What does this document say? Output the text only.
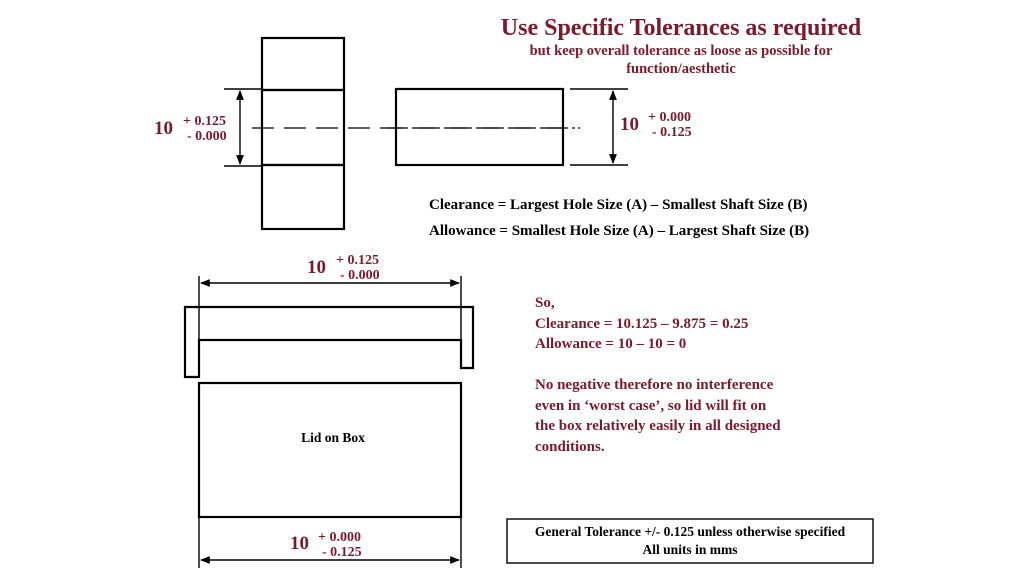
Use Specific Tolerances as required
but keep overall tolerance as loose as possible for
function/aesthetic
10 + 0.125
- 0.000
10 + 0.000
- 0.125
Clearance = Largest Hole Size (A) – Smallest Shaft Size (B)
Allowance = Smallest Hole Size (A) – Largest Shaft Size (B)
10 + 0.125
- 0.000
Lid on Box
10 + 0.000
- 0.125
So,
Clearance = 10.125 – 9.875 = 0.25
Allowance = 10 – 10 = 0
No negative therefore no interference
even in ‘worst case’, so lid will fit on
the box relatively easily in all designed
conditions.
General Tolerance +/- 0.125 unless otherwise specified
All units in mms
